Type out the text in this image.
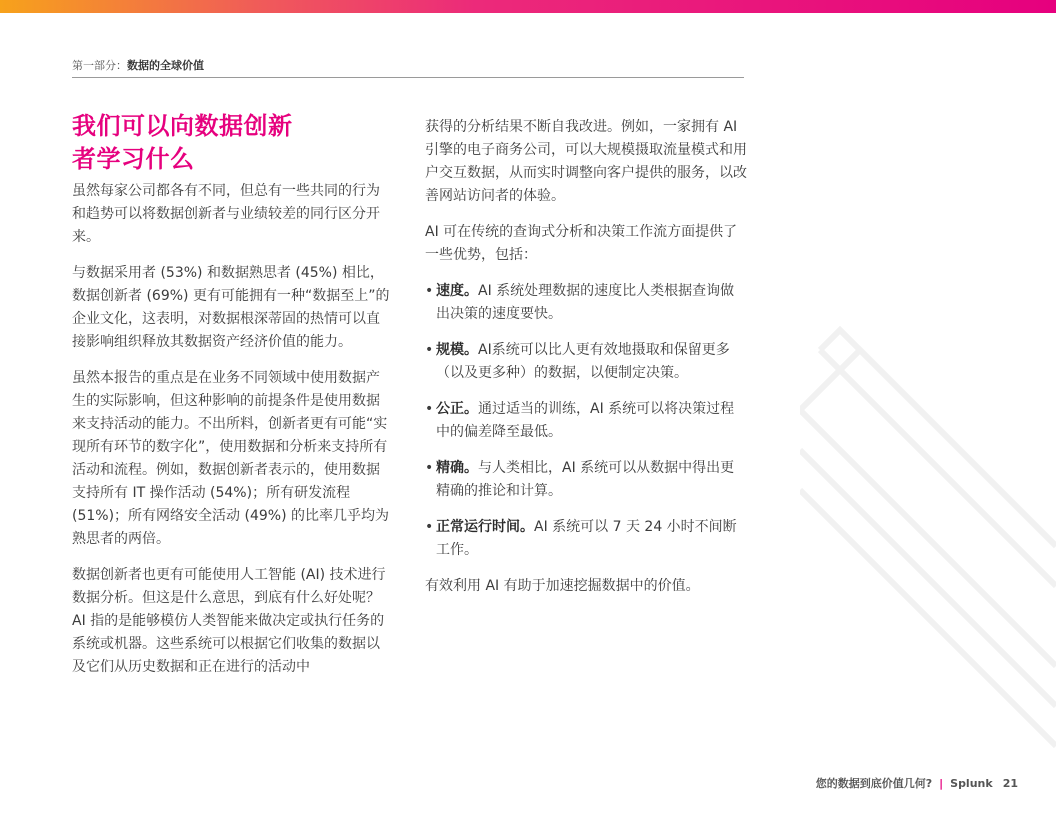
第一部分：数据的全球价值
我们可以向数据创新
者学习什么

虽然每家公司都各有不同，但总有一些共同的行为和趋势可以将数据创新者与业绩较差的同行区分开来。

与数据采用者 (53%) 和数据熟思者 (45%) 相比，数据创新者 (69%) 更有可能拥有一种“数据至上”的企业文化，这表明，对数据根深蒂固的热情可以直接影响组织释放其数据资产经济价值的能力。

虽然本报告的重点是在业务不同领域中使用数据产生的实际影响，但这种影响的前提条件是使用数据来支持活动的能力。不出所料，创新者更有可能“实现所有环节的数字化”，使用数据和分析来支持所有活动和流程。例如，数据创新者表示的，使用数据支持所有 IT 操作活动 (54%)；所有研发流程 (51%)；所有网络安全活动 (49%) 的比率几乎均为熟思者的两倍。

数据创新者也更有可能使用人工智能 (AI) 技术进行数据分析。但这是什么意思，到底有什么好处呢？AI 指的是能够模仿人类智能来做决定或执行任务的系统或机器。这些系统可以根据它们收集的数据以及它们从历史数据和正在进行的活动中

获得的分析结果不断自我改进。例如，一家拥有 AI 引擎的电子商务公司，可以大规模摄取流量模式和用户交互数据，从而实时调整向客户提供的服务，以改善网站访问者的体验。

AI 可在传统的查询式分析和决策工作流方面提供了一些优势，包括：

• 速度。AI 系统处理数据的速度比人类根据查询做出决策的速度要快。
• 规模。AI系统可以比人更有效地摄取和保留更多（以及更多种）的数据，以便制定决策。
• 公正。通过适当的训练，AI 系统可以将决策过程中的偏差降至最低。
• 精确。与人类相比，AI 系统可以从数据中得出更精确的推论和计算。
• 正常运行时间。AI 系统可以 7 天 24 小时不间断工作。

有效利用 AI 有助于加速挖掘数据中的价值。

您的数据到底价值几何? | Splunk 21
